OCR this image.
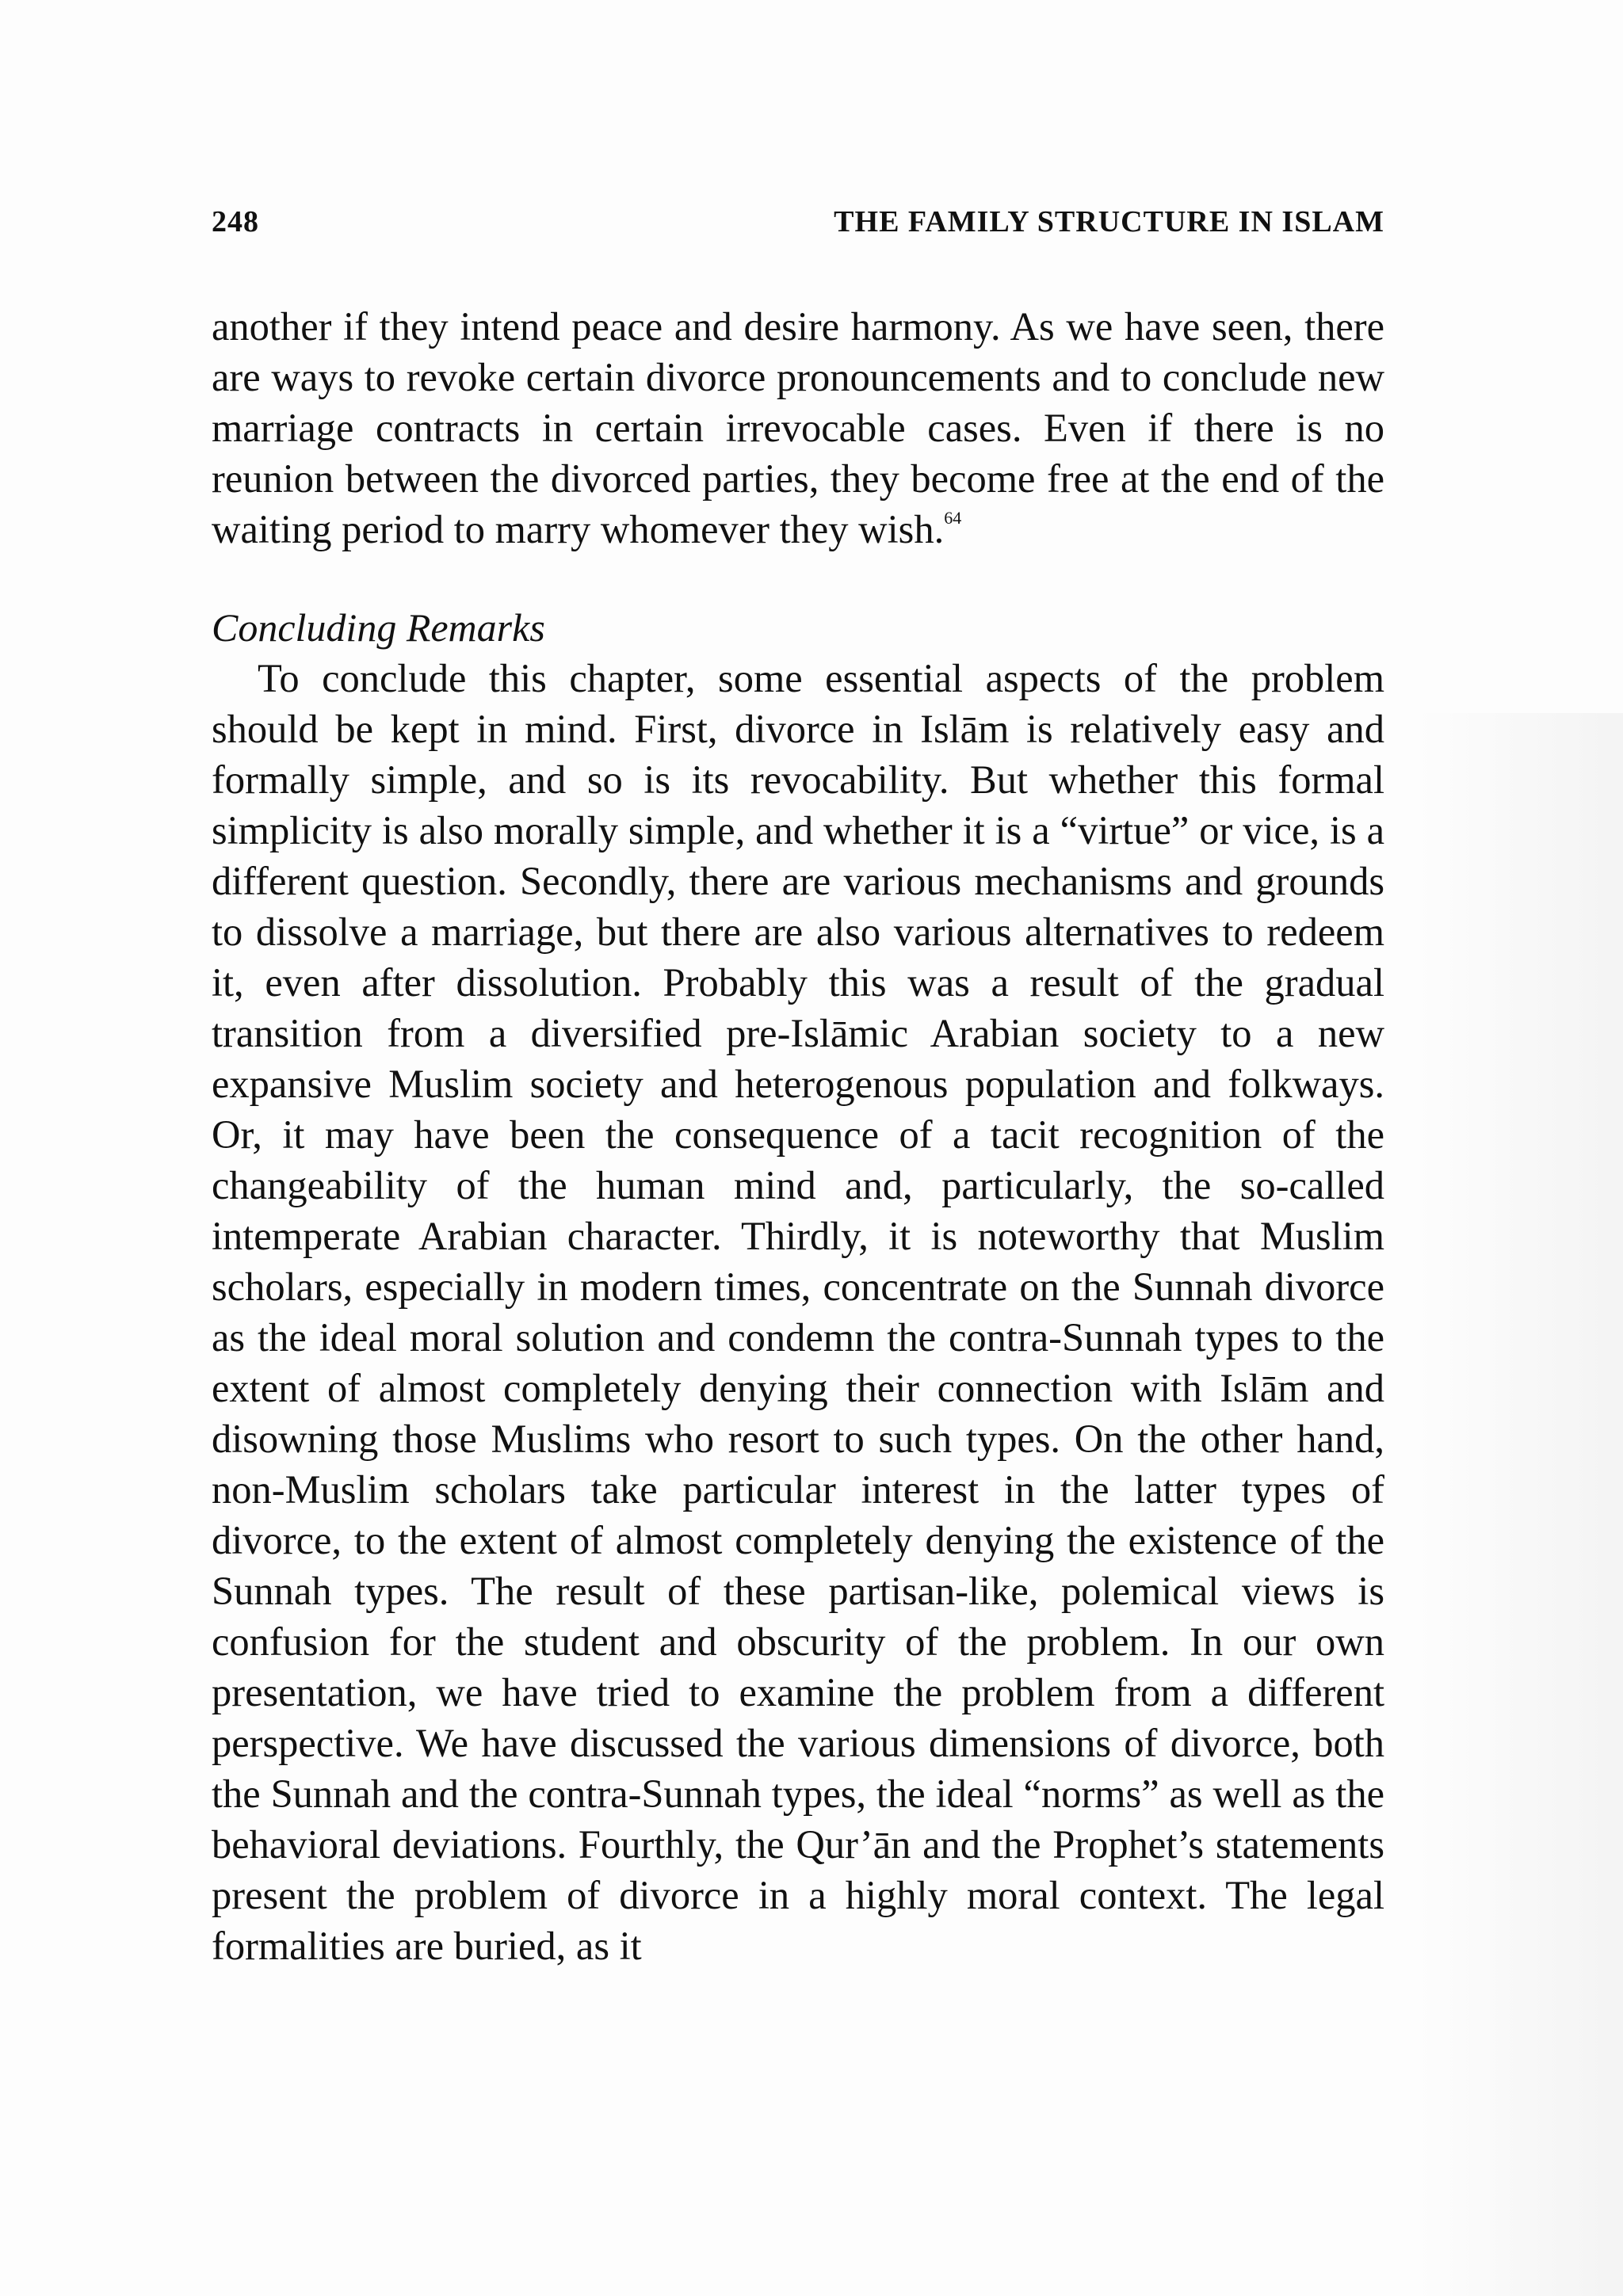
248	THE FAMILY STRUCTURE IN ISLAM

another if they intend peace and desire harmony. As we have seen, there are ways to revoke certain divorce pronouncements and to conclude new marriage contracts in certain irrevocable cases. Even if there is no reunion between the divorced parties, they become free at the end of the waiting period to marry whomever they wish.$^{64}$

Concluding Remarks

To conclude this chapter, some essential aspects of the problem should be kept in mind. First, divorce in Islām is relatively easy and formally simple, and so is its revocability. But whether this formal simplicity is also morally simple, and whether it is a “virtue” or vice, is a different question. Secondly, there are various mechanisms and grounds to dissolve a marriage, but there are also various alternatives to redeem it, even after dissolution. Probably this was a result of the gradual transition from a diversified pre-Islāmic Arabian society to a new expansive Muslim society and heterogenous population and folkways. Or, it may have been the consequence of a tacit recognition of the changeability of the human mind and, particularly, the so-called intemperate Arabian character. Thirdly, it is noteworthy that Muslim scholars, especially in modern times, concentrate on the Sunnah divorce as the ideal moral solution and condemn the contra-Sunnah types to the extent of almost completely denying their connection with Islām and disowning those Muslims who resort to such types. On the other hand, non-Muslim scholars take particular interest in the latter types of divorce, to the extent of almost completely denying the existence of the Sunnah types. The result of these partisan-like, polemical views is confusion for the student and obscurity of the problem. In our own presentation, we have tried to examine the problem from a different perspective. We have discussed the various dimensions of divorce, both the Sunnah and the contra-Sunnah types, the ideal “norms” as well as the behavioral deviations. Fourthly, the Qur’ān and the Prophet’s statements present the problem of divorce in a highly moral context. The legal formalities are buried, as it
